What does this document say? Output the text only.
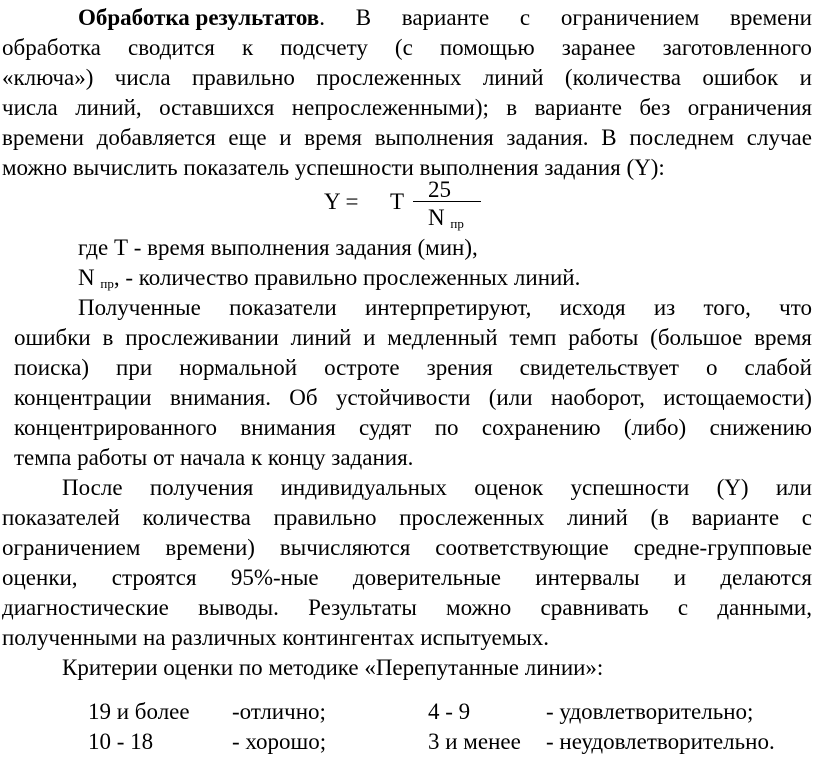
Обработка результатов. В варианте с ограничением времени
обработка сводится к подсчету (с помощью заранее заготовленного
«ключа») числа правильно прослеженных линий (количества ошибок и
числа линий, оставшихся непрослеженными); в варианте без ограничения
времени добавляется еще и время выполнения задания. В последнем случае
можно вычислить показатель успешности выполнения задания (Y):
Y = T 25
N $_{пр}$
где Т - время выполнения задания (мин),
N $_{пр}$, - количество правильно прослеженных линий.
Полученные показатели интерпретируют, исходя из того, что
ошибки в прослеживании линий и медленный темп работы (большое время
поиска) при нормальной остроте зрения свидетельствует о слабой
концентрации внимания. Об устойчивости (или наоборот, истощаемости)
концентрированного внимания судят по сохранению (либо) снижению
темпа работы от начала к концу задания.
После получения индивидуальных оценок успешности (Y) или
показателей количества правильно прослеженных линий (в варианте с
ограничением времени) вычисляются соответствующие средне-групповые
оценки, строятся 95%-ные доверительные интервалы и делаются
диагностические выводы. Результаты можно сравнивать с данными,
полученными на различных контингентах испытуемых.
Критерии оценки по методике «Перепутанные линии»:
19 и более -отлично;	4 - 9	- удовлетворительно;
10 - 18	- хорошо;	3 и менее - неудовлетворительно.
